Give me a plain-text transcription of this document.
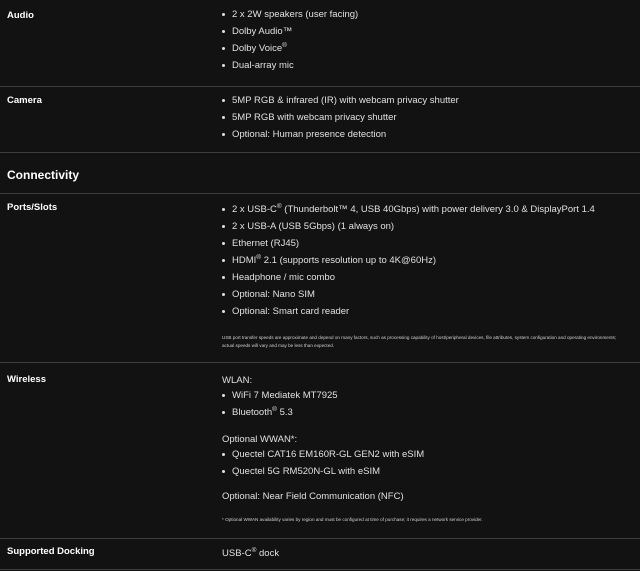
Audio	2 x 2W speakers (user facing)
Dolby Audio™
Dolby Voice®
Dual-array mic
Camera	5MP RGB & infrared (IR) with webcam privacy shutter
5MP RGB with webcam privacy shutter
Optional: Human presence detection
Connectivity
Ports/Slots	2 x USB-C® (Thunderbolt™ 4, USB 40Gbps) with power delivery 3.0 & DisplayPort 1.4
2 x USB-A (USB 5Gbps) (1 always on)
Ethernet (RJ45)
HDMI® 2.1 (supports resolution up to 4K@60Hz)
Headphone / mic combo
Optional: Nano SIM
Optional: Smart card reader
USB port transfer speeds are approximate and depend on many factors, such as processing capability of host/peripheral devices, file attributes, system configuration and operating environments; actual speeds will vary and may be less than expected.
Wireless	WLAN:
WiFi 7 Mediatek MT7925
Bluetooth® 5.3
Optional WWAN*:
Quectel CAT16 EM160R-GL GEN2 with eSIM
Quectel 5G RM520N-GL with eSIM
Optional: Near Field Communication (NFC)
* Optional WWAN availability varies by region and must be configured at time of purchase; it requires a network service provider.
Supported Docking	USB-C® dock
